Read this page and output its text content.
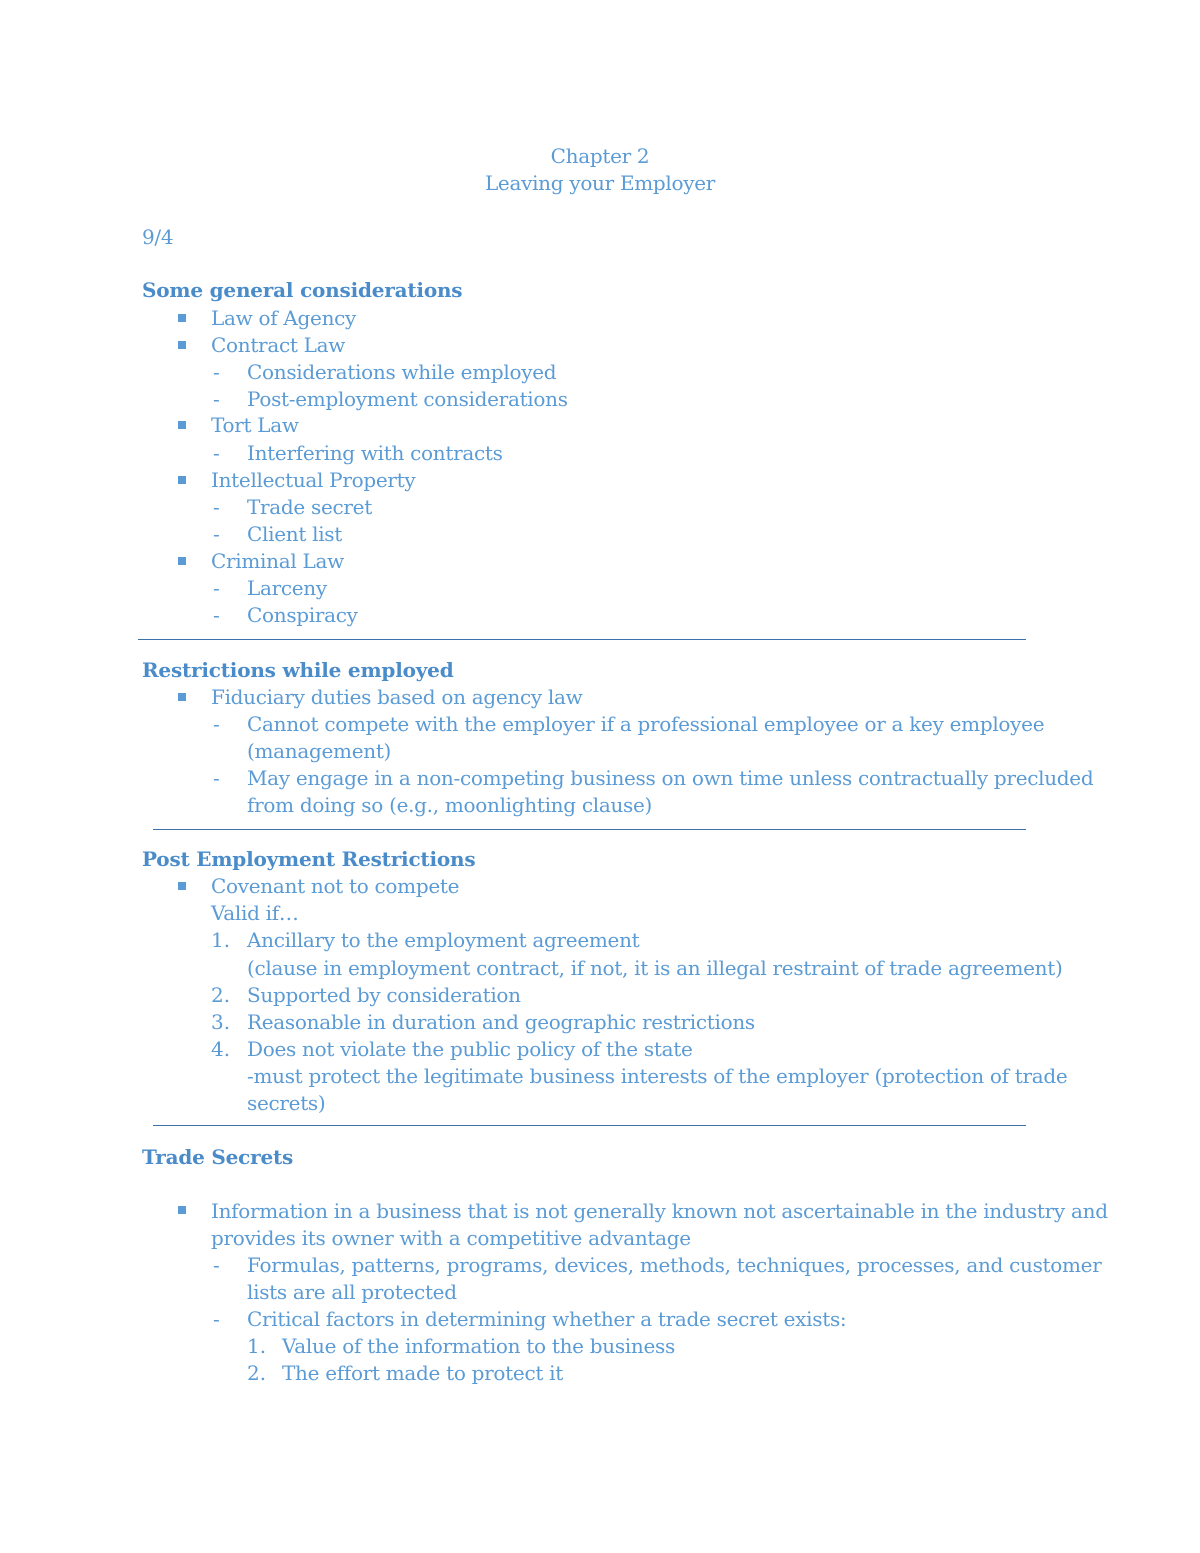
Chapter 2
Leaving your Employer
9/4
Some general considerations
Law of Agency
Contract Law
- Considerations while employed
- Post-employment considerations
Tort Law
- Interfering with contracts
Intellectual Property
- Trade secret
- Client list
Criminal Law
- Larceny
- Conspiracy
Restrictions while employed
Fiduciary duties based on agency law
- Cannot compete with the employer if a professional employee or a key employee
(management)
- May engage in a non-competing business on own time unless contractually precluded
from doing so (e.g., moonlighting clause)
Post Employment Restrictions
Covenant not to compete
Valid if…
1. Ancillary to the employment agreement
(clause in employment contract, if not, it is an illegal restraint of trade agreement)
2. Supported by consideration
3. Reasonable in duration and geographic restrictions
4. Does not violate the public policy of the state
-must protect the legitimate business interests of the employer (protection of trade
secrets)
Trade Secrets
Information in a business that is not generally known not ascertainable in the industry and
provides its owner with a competitive advantage
- Formulas, patterns, programs, devices, methods, techniques, processes, and customer
lists are all protected
- Critical factors in determining whether a trade secret exists:
1. Value of the information to the business
2. The effort made to protect it
